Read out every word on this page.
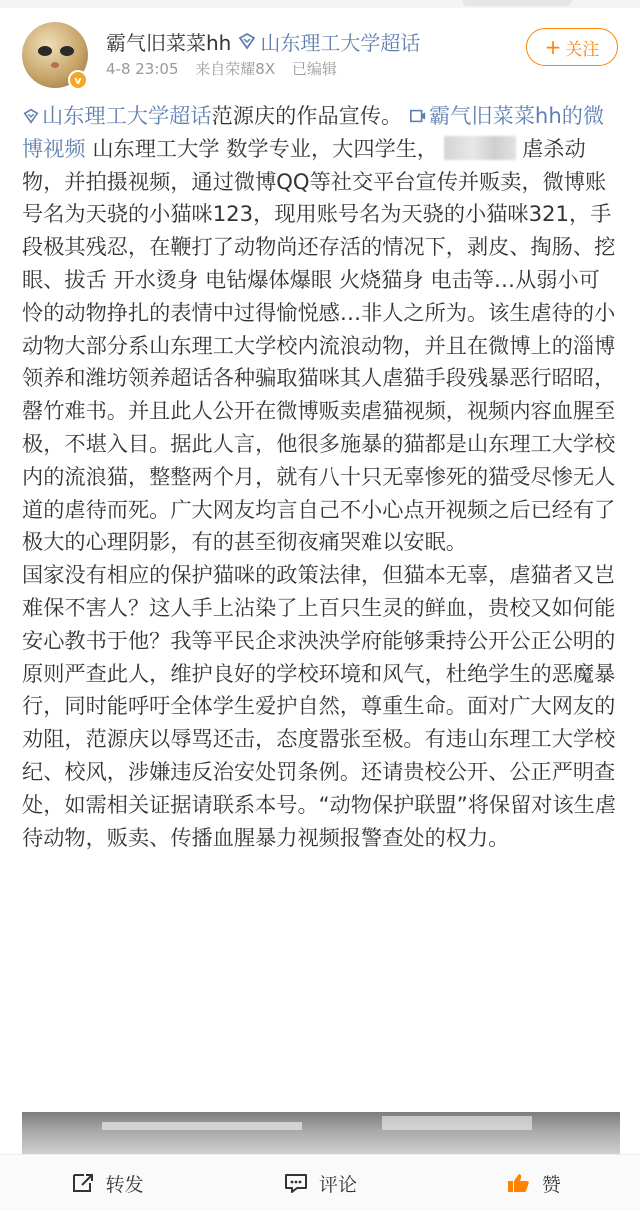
v
霸气旧菜菜hh 山东理工大学超话
4-8 23:05 来自荣耀8X 已编辑
+ 关注
山东理工大学超话范源庆的作品宣传。 霸气旧菜菜hh的微博视频 山东理工大学 数学专业，大四学生，	虐杀动物，并拍摄视频，通过微博QQ等社交平台宣传并贩卖，微博账号名为天骁的小猫咪123，现用账号名为天骁的小猫咪321，手段极其残忍，在鞭打了动物尚还存活的情况下，剥皮、掏肠、挖眼、拔舌 开水烫身 电钻爆体爆眼 火烧猫身 电击等…从弱小可怜的动物挣扎的表情中过得愉悦感…非人之所为。该生虐待的小动物大部分系山东理工大学校内流浪动物，并且在微博上的淄博领养和潍坊领养超话各种骗取猫咪其人虐猫手段残暴恶行昭昭，罄竹难书。并且此人公开在微博贩卖虐猫视频，视频内容血腥至极，不堪入目。据此人言，他很多施暴的猫都是山东理工大学校内的流浪猫，整整两个月，就有八十只无辜惨死的猫受尽惨无人道的虐待而死。广大网友均言自己不小心点开视频之后已经有了极大的心理阴影，有的甚至彻夜痛哭难以安眠。
国家没有相应的保护猫咪的政策法律，但猫本无辜，虐猫者又岂难保不害人？这人手上沾染了上百只生灵的鲜血，贵校又如何能安心教书于他？我等平民企求泱泱学府能够秉持公开公正公明的原则严查此人，维护良好的学校环境和风气，杜绝学生的恶魔暴行，同时能呼吁全体学生爱护自然，尊重生命。面对广大网友的劝阻，范源庆以辱骂还击，态度嚣张至极。有违山东理工大学校纪、校风，涉嫌违反治安处罚条例。还请贵校公开、公正严明查处，如需相关证据请联系本号。“动物保护联盟”将保留对该生虐待动物，贩卖、传播血腥暴力视频报警查处的权力。
转发	评论	赞
